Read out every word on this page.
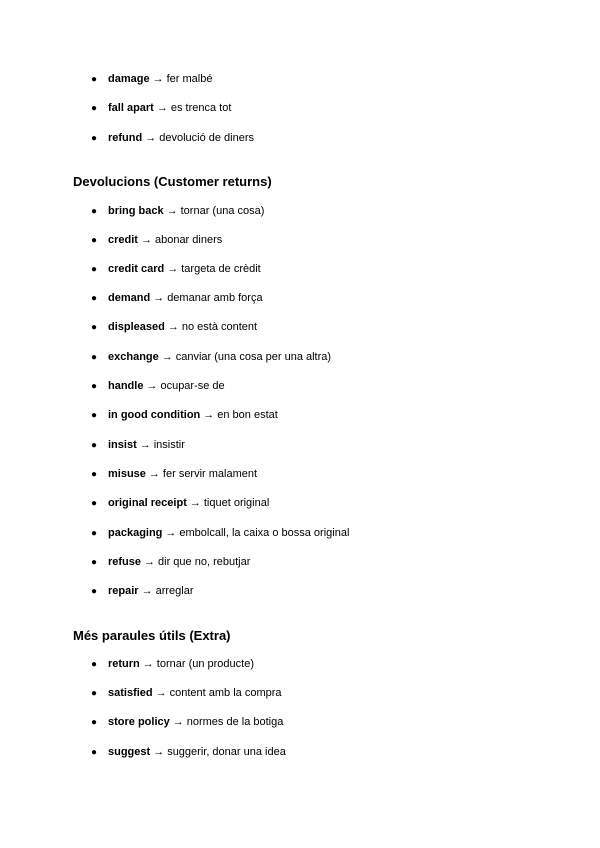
● damage → fer malbé
● fall apart → es trenca tot
● refund → devolució de diners
Devolucions (Customer returns)
● bring back → tornar (una cosa)
● credit → abonar diners
● credit card → targeta de crèdit
● demand → demanar amb força
● displeased → no està content
● exchange → canviar (una cosa per una altra)
● handle → ocupar-se de
● in good condition → en bon estat
● insist → insistir
● misuse → fer servir malament
● original receipt → tiquet original
● packaging → embolcall, la caixa o bossa original
● refuse → dir que no, rebutjar
● repair → arreglar
Més paraules útils (Extra)
● return → tornar (un producte)
● satisfied → content amb la compra
● store policy → normes de la botiga
● suggest → suggerir, donar una idea
